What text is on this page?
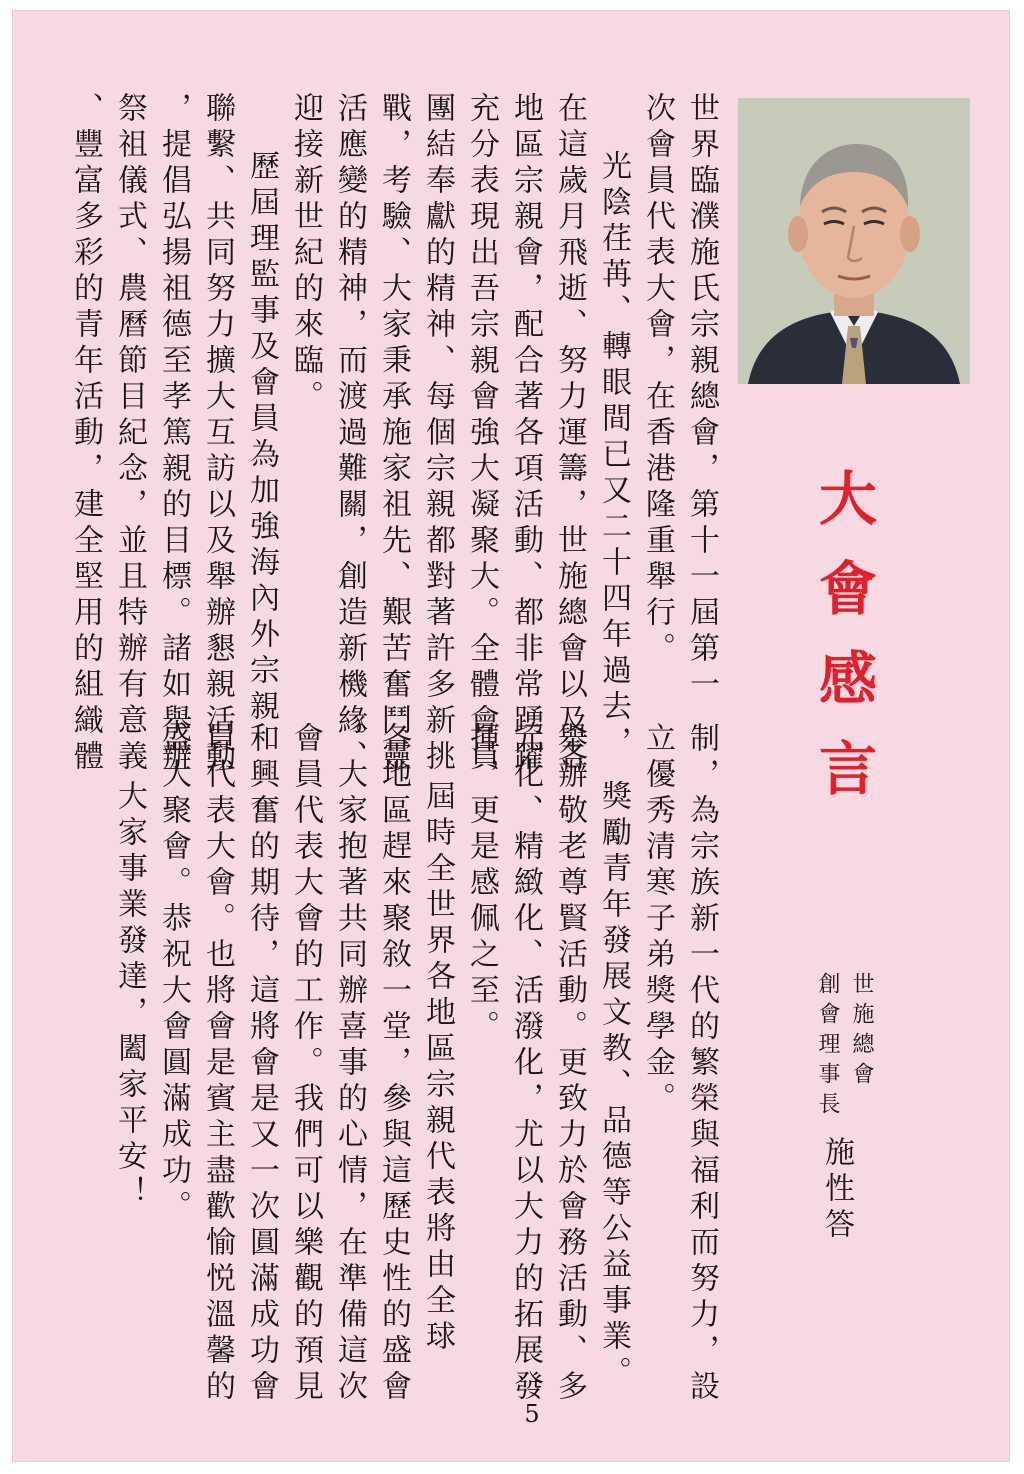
大會感言
世界臨濮施氏宗親總會，第十一屆第一
次會員代表大會，在香港隆重舉行。
光陰荏苒、轉眼間已又二十四年過去，
在這歲月飛逝、努力運籌，世施總會以及各
地區宗親會，配合著各項活動、都非常踴躍
充分表現出吾宗親會強大凝聚大。全體會員
團結奉獻的精神、每個宗親都對著許多新挑
戰，考驗、大家秉承施家祖先、艱苦奮鬥靈
活應變的精神，而渡過難關，創造新機緣、
迎接新世紀的來臨。
歷屆理監事及會員為加強海內外宗親
聯繫、共同努力擴大互訪以及舉辦懇親活動
，提倡弘揚祖德至孝篤親的目標。諸如舉辦
祭祖儀式、農曆節目紀念，並且特辦有意義
、豐富多彩的青年活動，建全堅用的組織體
制，為宗族新一代的繁榮與福利而努力，設
立優秀清寒子弟獎學金。
獎勵青年發展文教、品德等公益事業。
舉辦敬老尊賢活動。更致力於會務活動、多
元化、精緻化、活潑化，尤以大力的拓展發
揮，更是感佩之至。
屆時全世界各地區宗親代表將由全球
各地區趕來聚敘一堂，參與這歷史性的盛會
。大家抱著共同辦喜事的心情，在準備這次
會員代表大會的工作。我們可以樂觀的預見
和興奮的期待，這將會是又一次圓滿成功會
員代表大會。也將會是賓主盡歡愉悦溫馨的
盛大聚會。恭祝大會圓滿成功。
大家事業發達，闔家平安！	世施總會
創會理事長
施性答
5
